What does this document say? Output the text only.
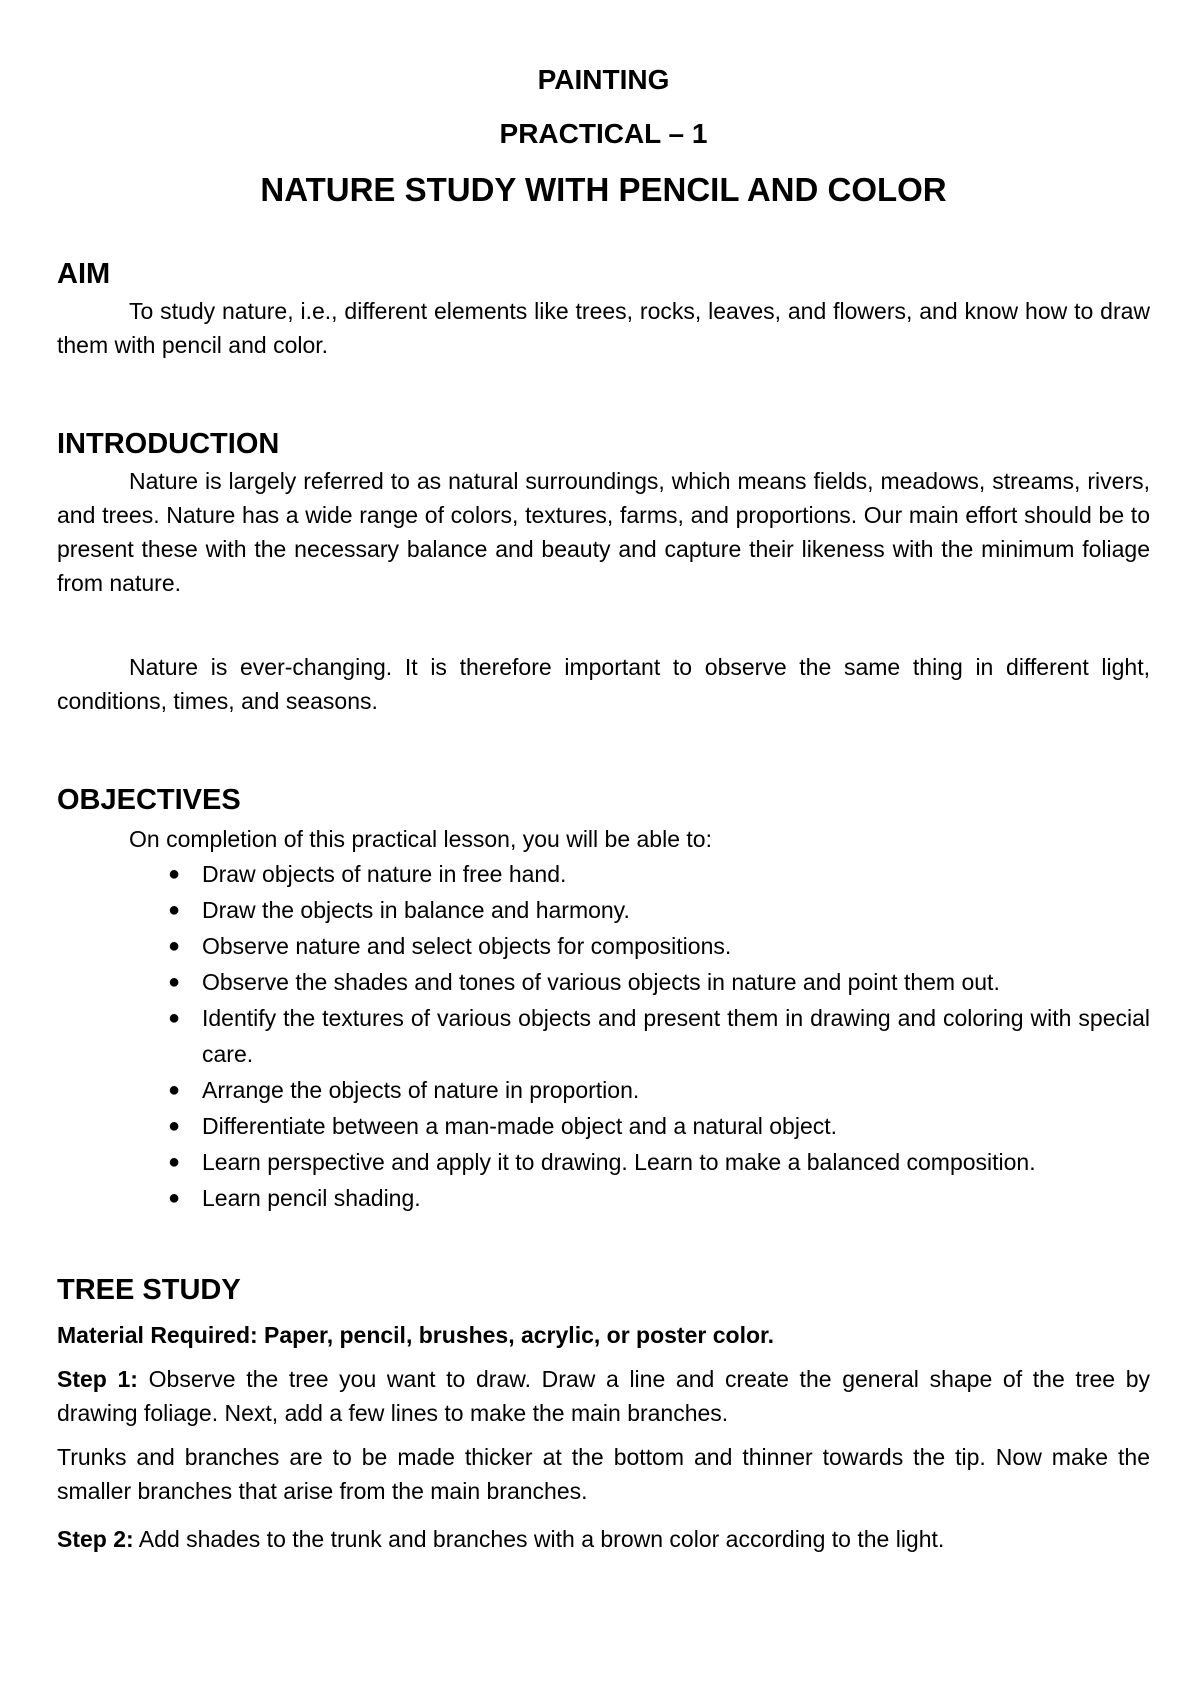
PAINTING

PRACTICAL – 1

NATURE STUDY WITH PENCIL AND COLOR

AIM

To study nature, i.e., different elements like trees, rocks, leaves, and flowers, and know how to draw them with pencil and color.

INTRODUCTION

Nature is largely referred to as natural surroundings, which means fields, meadows, streams, rivers, and trees. Nature has a wide range of colors, textures, farms, and proportions. Our main effort should be to present these with the necessary balance and beauty and capture their likeness with the minimum foliage from nature.

Nature is ever-changing. It is therefore important to observe the same thing in different light, conditions, times, and seasons.

OBJECTIVES

On completion of this practical lesson, you will be able to:

● Draw objects of nature in free hand.
● Draw the objects in balance and harmony.
● Observe nature and select objects for compositions.
● Observe the shades and tones of various objects in nature and point them out.
● Identify the textures of various objects and present them in drawing and coloring with special care.
● Arrange the objects of nature in proportion.
● Differentiate between a man-made object and a natural object.
● Learn perspective and apply it to drawing. Learn to make a balanced composition.
● Learn pencil shading.
TREE STUDY

Material Required: Paper, pencil, brushes, acrylic, or poster color.

Step 1: Observe the tree you want to draw. Draw a line and create the general shape of the tree by drawing foliage. Next, add a few lines to make the main branches.

Trunks and branches are to be made thicker at the bottom and thinner towards the tip. Now make the smaller branches that arise from the main branches.

Step 2: Add shades to the trunk and branches with a brown color according to the light.
